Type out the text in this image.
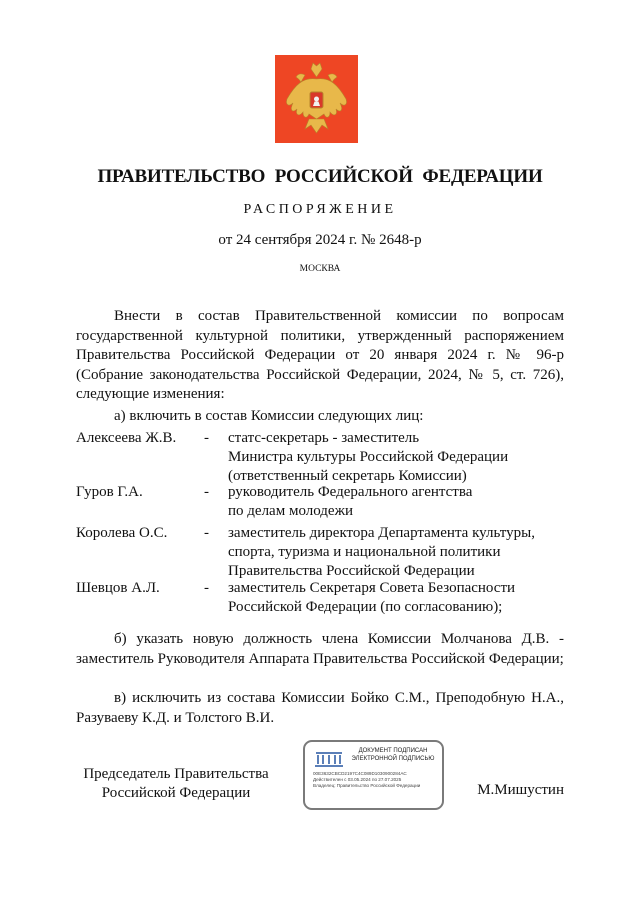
ПРАВИТЕЛЬСТВО РОССИЙСКОЙ ФЕДЕРАЦИИ
РАСПОРЯЖЕНИЕ
от 24 сентября 2024 г. № 2648-р
МОСКВА
Внести в состав Правительственной комиссии по вопросам государственной культурной политики, утвержденный распоряжением Правительства Российской Федерации от 20 января 2024 г. № 96-р (Собрание законодательства Российской Федерации, 2024, № 5, ст. 726), следующие изменения:
а) включить в состав Комиссии следующих лиц:
Алексеева Ж.В. - статс-секретарь - заместитель
Министра культуры Российской Федерации
(ответственный секретарь Комиссии)
Гуров Г.А.	- руководитель Федерального агентства
по делам молодежи
Королева О.С. - заместитель директора Департамента культуры,
спорта, туризма и национальной политики
Правительства Российской Федерации
Шевцов А.Л.	- заместитель Секретаря Совета Безопасности
Российской Федерации (по согласованию);
б) указать новую должность члена Комиссии Молчанова Д.В. - заместитель Руководителя Аппарата Правительства Российской Федерации;
в) исключить из состава Комиссии Бойко С.М., Преподобную Н.А., Разуваеву К.Д. и Толстого В.И.
Председатель Правительства
Российской Федерации
ДОКУМЕНТ ПОДПИСАН
ЭЛЕКТРОННОЙ ПОДПИСЬЮ
00E3632CBCD2197C4C089D1030900284AC
Действителен с 03.05.2024 по 27.07.2025
Владелец: Правительство Российской Федерации	М.Мишустин
